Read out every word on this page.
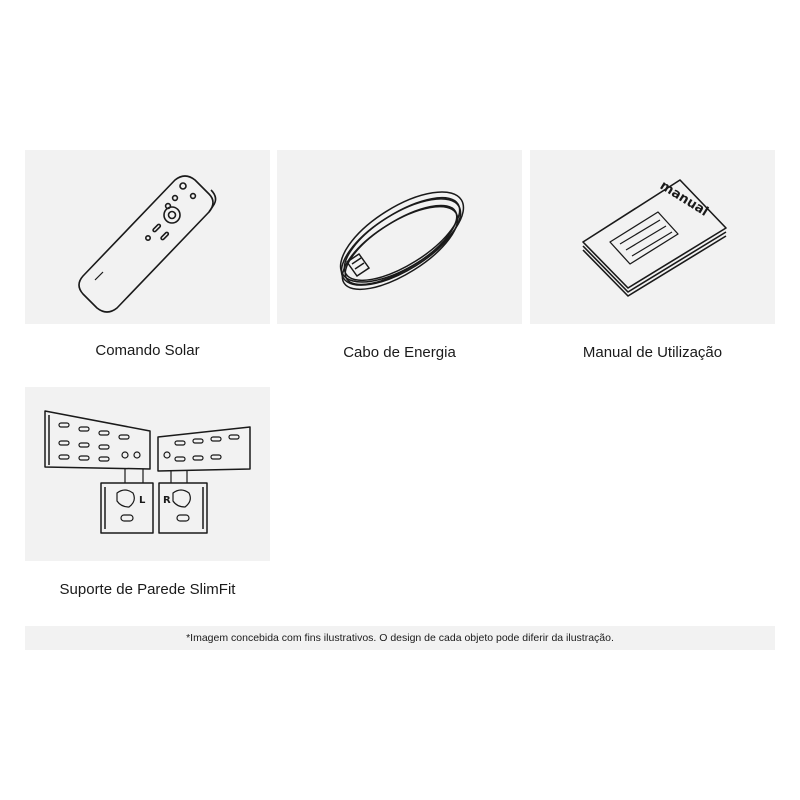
Comando Solar	Cabo de Energia
manual
Manual de Utilização
L R
Suporte de Parede SlimFit
*Imagem concebida com fins ilustrativos. O design de cada objeto pode diferir da ilustração.
